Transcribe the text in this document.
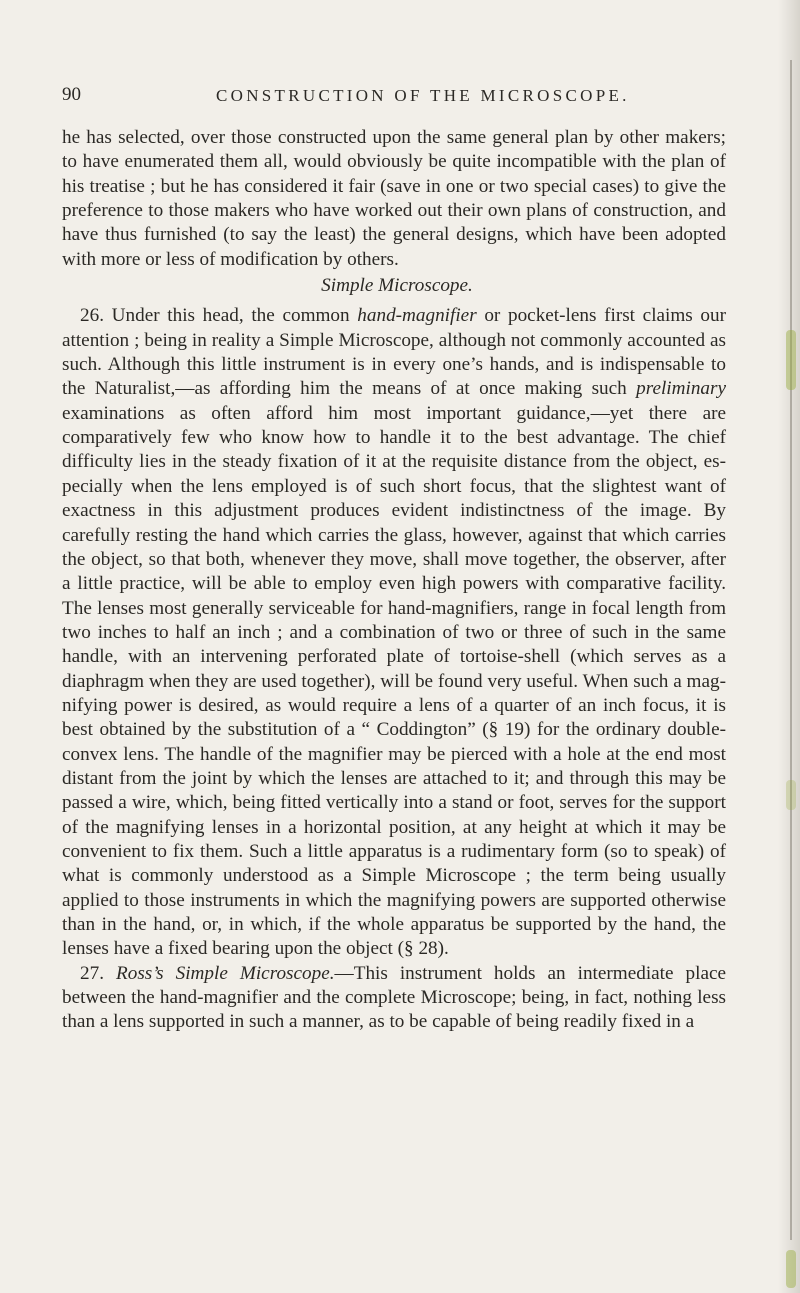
90	CONSTRUCTION OF THE MICROSCOPE.

he has selected, over those constructed upon the same general plan by other makers; to have enumerated them all, would obviously be quite incompatible with the plan of his treatise ; but he has considered it fair (save in one or two special cases) to give the preference to those makers who have worked out their own plans of construction, and have thus furnished (to say the least) the general designs, which have been adopted with more or less of modification by others.

Simple Microscope.

26. Under this head, the common hand-magnifier or pocket-lens first claims our attention ; being in reality a Simple Microscope, although not commonly accounted as such. Although this little instrument is in every one’s hands, and is indispensable to the Naturalist,—as affording him the means of at once making such preliminary examinations as often afford him most important guidance,—yet there are comparatively few who know how to handle it to the best advantage. The chief difficulty lies in the steady fixation of it at the requisite distance from the object, especially when the lens employed is of such short focus, that the slightest want of exactness in this adjustment produces evident indistinctness of the image. By carefully resting the hand which carries the glass, however, against that which carries the object, so that both, whenever they move, shall move together, the observer, after a little practice, will be able to employ even high powers with comparative facility. The lenses most generally serviceable for hand-magnifiers, range in focal length from two inches to half an inch ; and a combination of two or three of such in the same handle, with an intervening perforated plate of tortoise-shell (which serves as a diaphragm when they are used together), will be found very useful. When such a magnifying power is desired, as would require a lens of a quarter of an inch focus, it is best obtained by the substitution of a “ Coddington” (§ 19) for the ordinary double-convex lens. The handle of the magnifier may be pierced with a hole at the end most distant from the joint by which the lenses are attached to it; and through this may be passed a wire, which, being fitted vertically into a stand or foot, serves for the support of the magnifying lenses in a horizontal position, at any height at which it may be convenient to fix them. Such a little apparatus is a rudimentary form (so to speak) of what is commonly understood as a Simple Microscope ; the term being usually applied to those instruments in which the magnifying powers are supported otherwise than in the hand, or, in which, if the whole apparatus be supported by the hand, the lenses have a fixed bearing upon the object (§ 28).

27. Ross’s Simple Microscope.—This instrument holds an intermediate place between the hand-magnifier and the complete Microscope; being, in fact, nothing less than a lens supported in such a manner, as to be capable of being readily fixed in a
